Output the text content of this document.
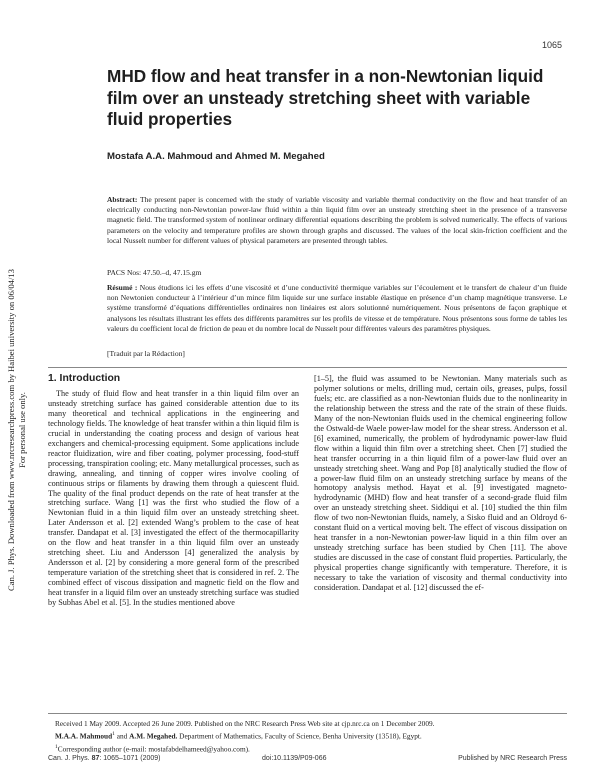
1065
Can. J. Phys. Downloaded from www.nrcresearchpress.com by Haibei university on 06/04/13 For personal use only.
MHD flow and heat transfer in a non-Newtonian liquid film over an unsteady stretching sheet with variable fluid properties
Mostafa A.A. Mahmoud and Ahmed M. Megahed
Abstract: The present paper is concerned with the study of variable viscosity and variable thermal conductivity on the flow and heat transfer of an electrically conducting non-Newtonian power-law fluid within a thin liquid film over an unsteady stretching sheet in the presence of a transverse magnetic field. The transformed system of nonlinear ordinary differential equations describing the problem is solved numerically. The effects of various parameters on the velocity and temperature profiles are shown through graphs and discussed. The values of the local skin-friction coefficient and the local Nusselt number for different values of physical parameters are presented through tables.
PACS Nos: 47.50.–d, 47.15.gm
Résumé : Nous étudions ici les effets d’une viscosité et d’une conductivité thermique variables sur l’écoulement et le transfert de chaleur d’un fluide non Newtonien conducteur à l’intérieur d’un mince film liquide sur une surface instable élastique en présence d’un champ magnétique transverse. Le système transformé d’équations différentielles ordinaires non linéaires est alors solutionné numériquement. Nous présentons de façon graphique et analysons les résultats illustrant les effets des différents paramètres sur les profils de vitesse et de température. Nous présentons sous forme de tables les valeurs du coefficient local de friction de peau et du nombre local de Nusselt pour différentes valeurs des paramètres physiques.
[Traduit par la Rédaction]
1. Introduction
The study of fluid flow and heat transfer in a thin liquid film over an unsteady stretching surface has gained considerable attention due to its many theoretical and technical applications in the engineering and technology fields. The knowledge of heat transfer within a thin liquid film is crucial in understanding the coating process and design of various heat exchangers and chemical-processing equipment. Some applications include reactor fluidization, wire and fiber coating, polymer processing, food-stuff processing, transpiration cooling; etc. Many metallurgical processes, such as drawing, annealing, and tinning of copper wires involve cooling of continuous strips or filaments by drawing them through a quiescent fluid. The quality of the final product depends on the rate of heat transfer at the stretching surface. Wang [1] was the first who studied the flow of a Newtonian fluid in a thin liquid film over an unsteady stretching sheet. Later Andersson et al. [2] extended Wang’s problem to the case of heat transfer. Dandapat et al. [3] investigated the effect of the thermocapillarity on the flow and heat transfer in a thin liquid film over an unsteady stretching sheet. Liu and Andersson [4] generalized the analysis by Andersson et al. [2] by considering a more general form of the prescribed temperature variation of the stretching sheet that is considered in ref. 2. The combined effect of viscous dissipation and magnetic field on the flow and heat transfer in a liquid film over an unsteady stretching surface was studied by Subhas Abel et al. [5]. In the studies mentioned above
[1–5], the fluid was assumed to be Newtonian. Many materials such as polymer solutions or melts, drilling mud, certain oils, greases, pulps, fossil fuels; etc. are classified as a non-Newtonian fluids due to the nonlinearity in the relationship between the stress and the rate of the strain of these fluids. Many of the non-Newtonian fluids used in the chemical engineering follow the Ostwald-de Waele power-law model for the shear stress. Andersson et al. [6] examined, numerically, the problem of hydrodynamic power-law fluid flow within a liquid thin film over a stretching sheet. Chen [7] studied the heat transfer occurring in a thin liquid film of a power-law fluid over an unsteady stretching sheet. Wang and Pop [8] analytically studied the flow of a power-law fluid film on an unsteady stretching surface by means of the homotopy analysis method. Hayat et al. [9] investigated magneto-hydrodynamic (MHD) flow and heat transfer of a second-grade fluid film over an unsteady stretching sheet. Siddiqui et al. [10] studied the thin film flow of two non-Newtonian fluids, namely, a Sisko fluid and an Oldroyd 6-constant fluid on a vertical moving belt. The effect of viscous dissipation on heat transfer in a non-Newtonian power-law liquid in a thin film over an unsteady stretching surface has been studied by Chen [11]. The above studies are discussed in the case of constant fluid properties. Particularly, the physical properties change significantly with temperature. Therefore, it is necessary to take the variation of viscosity and thermal conductivity into consideration. Dandapat et al. [12] discussed the ef-
Received 1 May 2009. Accepted 26 June 2009. Published on the NRC Research Press Web site at cjp.nrc.ca on 1 December 2009.
M.A.A. Mahmoud$^1$ and A.M. Megahed. Department of Mathematics, Faculty of Science, Benha University (13518), Egypt.
$^1$Corresponding author (e-mail: mostafabdelhameed@yahoo.com).
Can. J. Phys. 87: 1065–1071 (2009)	doi:10.1139/P09-066	Published by NRC Research Press
